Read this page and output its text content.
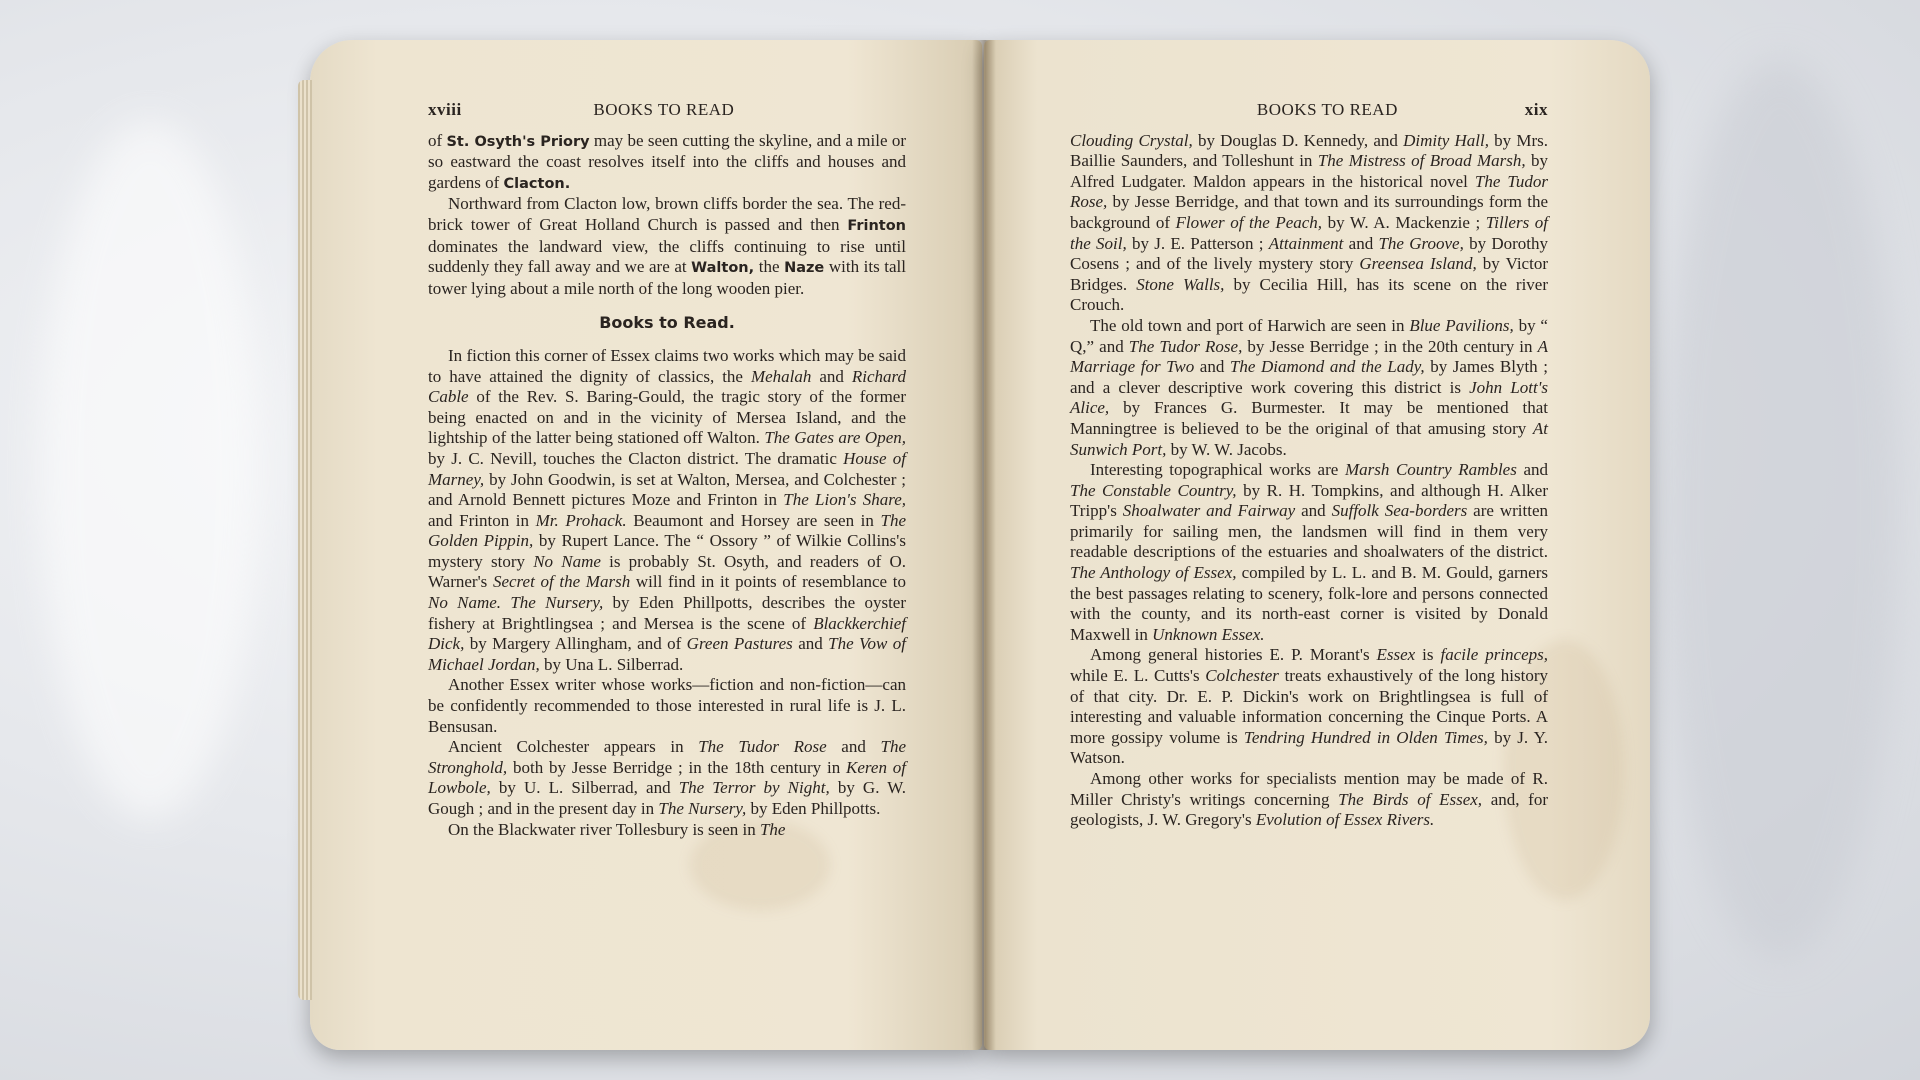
xviii	BOOKS TO READ

of St. Osyth's Priory may be seen cutting the skyline, and a mile or so eastward the coast resolves itself into the cliffs and houses and gardens of Clacton.

Northward from Clacton low, brown cliffs border the sea. The red-brick tower of Great Holland Church is passed and then Frinton dominates the landward view, the cliffs continuing to rise until suddenly they fall away and we are at Walton, the Naze with its tall tower lying about a mile north of the long wooden pier.

Books to Read.

In fiction this corner of Essex claims two works which may be said to have attained the dignity of classics, the Mehalah and Richard Cable of the Rev. S. Baring-Gould, the tragic story of the former being enacted on and in the vicinity of Mersea Island, and the lightship of the latter being stationed off Walton. The Gates are Open, by J. C. Nevill, touches the Clacton district. The dramatic House of Marney, by John Goodwin, is set at Walton, Mersea, and Colchester ; and Arnold Bennett pictures Moze and Frinton in The Lion's Share, and Frinton in Mr. Prohack. Beaumont and Horsey are seen in The Golden Pippin, by Rupert Lance. The “ Ossory ” of Wilkie Collins's mystery story No Name is probably St. Osyth, and readers of O. Warner's Secret of the Marsh will find in it points of resemblance to No Name. The Nursery, by Eden Phillpotts, describes the oyster fishery at Brightlingsea ; and Mersea is the scene of Blackkerchief Dick, by Margery Allingham, and of Green Pastures and The Vow of Michael Jordan, by Una L. Silberrad.

Another Essex writer whose works—fiction and non-fiction—can be confidently recommended to those interested in rural life is J. L. Bensusan.

Ancient Colchester appears in The Tudor Rose and The Stronghold, both by Jesse Berridge ; in the 18th century in Keren of Lowbole, by U. L. Silberrad, and The Terror by Night, by G. W. Gough ; and in the present day in The Nursery, by Eden Phillpotts.

On the Blackwater river Tollesbury is seen in The

BOOKS TO READ	xix

Clouding Crystal, by Douglas D. Kennedy, and Dimity Hall, by Mrs. Baillie Saunders, and Tolleshunt in The Mistress of Broad Marsh, by Alfred Ludgater. Maldon appears in the historical novel The Tudor Rose, by Jesse Berridge, and that town and its surroundings form the background of Flower of the Peach, by W. A. Mackenzie ; Tillers of the Soil, by J. E. Patterson ; Attainment and The Groove, by Dorothy Cosens ; and of the lively mystery story Greensea Island, by Victor Bridges. Stone Walls, by Cecilia Hill, has its scene on the river Crouch.

The old town and port of Harwich are seen in Blue Pavilions, by “ Q,” and The Tudor Rose, by Jesse Berridge ; in the 20th century in A Marriage for Two and The Diamond and the Lady, by James Blyth ; and a clever descriptive work covering this district is John Lott's Alice, by Frances G. Burmester. It may be mentioned that Manningtree is believed to be the original of that amusing story At Sunwich Port, by W. W. Jacobs.

Interesting topographical works are Marsh Country Rambles and The Constable Country, by R. H. Tompkins, and although H. Alker Tripp's Shoalwater and Fairway and Suffolk Sea-borders are written primarily for sailing men, the landsmen will find in them very readable descriptions of the estuaries and shoalwaters of the district. The Anthology of Essex, compiled by L. L. and B. M. Gould, garners the best passages relating to scenery, folk-lore and persons connected with the county, and its north-east corner is visited by Donald Maxwell in Unknown Essex.

Among general histories E. P. Morant's Essex is facile princeps, while E. L. Cutts's Colchester treats exhaustively of the long history of that city. Dr. E. P. Dickin's work on Brightlingsea is full of interesting and valuable information concerning the Cinque Ports. A more gossipy volume is Tendring Hundred in Olden Times, by J. Y. Watson.

Among other works for specialists mention may be made of R. Miller Christy's writings concerning The Birds of Essex, and, for geologists, J. W. Gregory's Evolution of Essex Rivers.
